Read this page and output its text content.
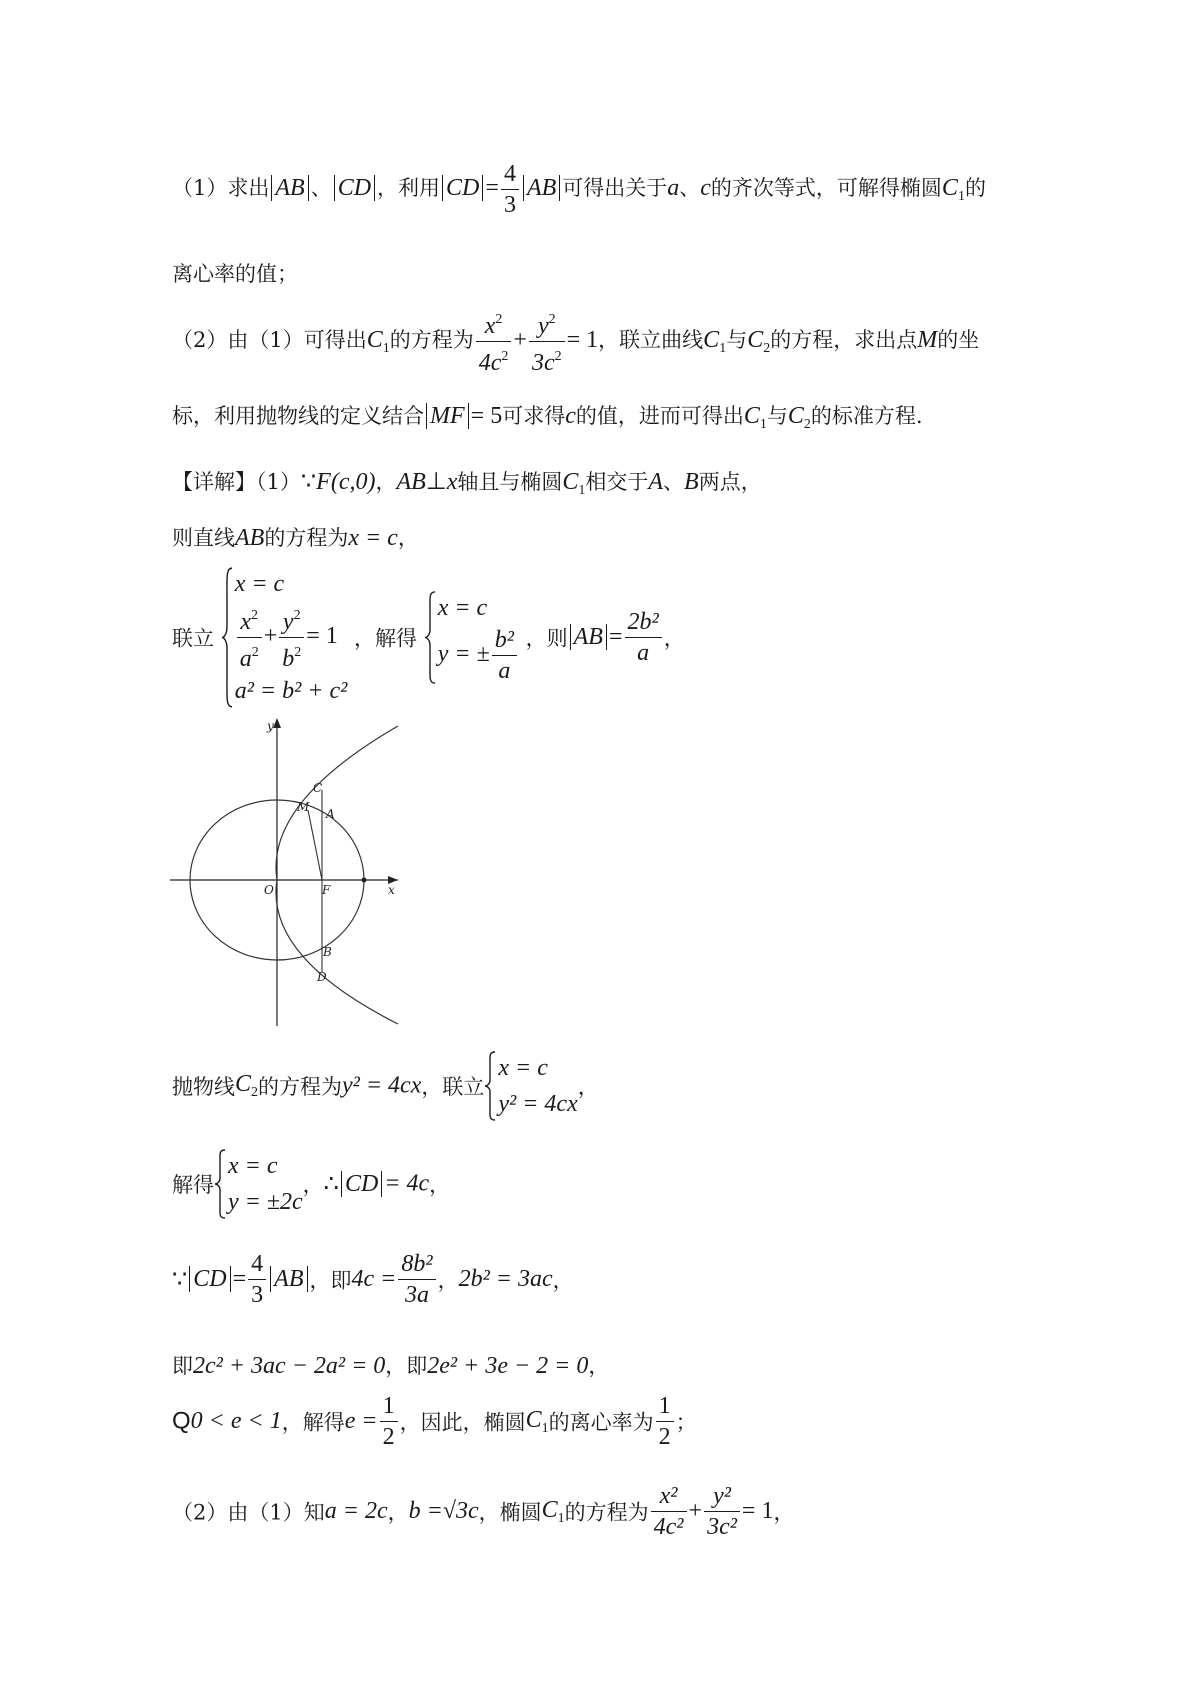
（1）求出 AB 、 CD ，利用 CD = $\frac{4}{3}$ AB 可得出关于a、c的齐次等式，可解得椭圆$C_1$的
离心率的值；
（2）由（1）可得出$C_1$的方程为 $\frac{x^2}{4c^2} + \frac{y^2}{3c^2} = 1$，联立曲线$C_1$与$C_2$的方程，求出点M的坐
标，利用抛物线的定义结合 MF = 5可求得c的值，进而可得出$C_1$与$C_2$的标准方程.
【详解】（1）∵F(c,0)，AB⊥x轴且与椭圆$C_1$相交于A、B两点，
则直线AB的方程为x = c，
联立
x = c
$\frac{x^2}{a^2} + \frac{y^2}{b^2} = 1$
a² = b² + c²
，解得
x = c
y = ± $\frac{\text{b²}}{a}$ ，则 AB = $\frac{\text{2b²}}{a}$ ，
y
x
O	F
C
M A
B
D
抛物线$C_2$的方程为y² = 4cx，联立
x = c
y² = 4cx
，
解得
x = c
y = ±2c
，∴ CD = 4c，
∵ CD = $\frac{4}{3}$ AB ，即$4c = \frac{\text{8b²}}{3a}$ ，2b² = 3ac，
即2c² + 3ac − 2a² = 0，即2e² + 3e − 2 = 0，
Q0 < e < 1，解得$e = \frac{1}{2}$ ，因此，椭圆$C_1$的离心率为 $\frac{1}{2}$ ；
（2）由（1）知a = 2c，b =√3c，椭圆$C_1$的方程为 $\frac{\text{x²}}{\text{4c²}} + \frac{\text{y²}}{\text{3c²}} = 1$，
